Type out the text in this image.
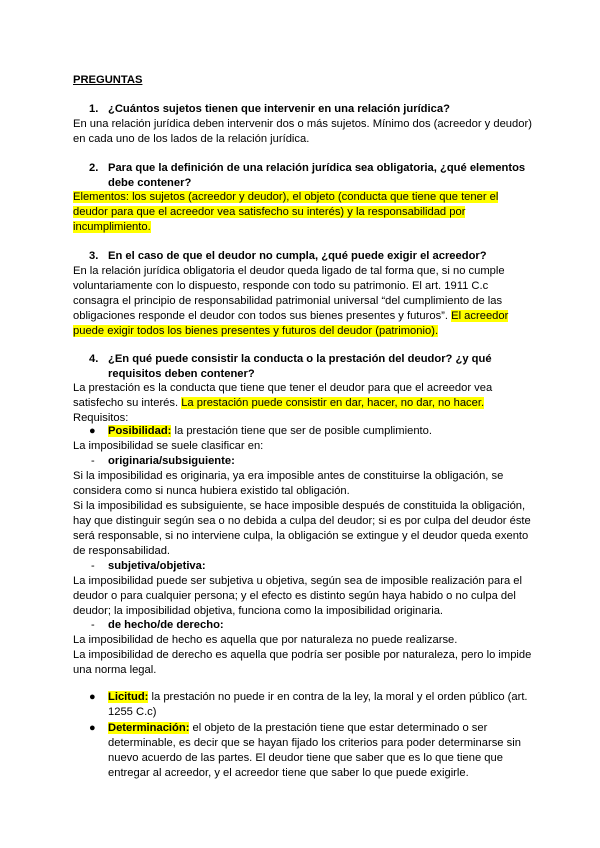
PREGUNTAS
1. ¿Cuántos sujetos tienen que intervenir en una relación jurídica?
En una relación jurídica deben intervenir dos o más sujetos. Mínimo dos (acreedor y deudor)
en cada uno de los lados de la relación jurídica.
2. Para que la definición de una relación jurídica sea obligatoria, ¿qué elementos
debe contener?
Elementos: los sujetos (acreedor y deudor), el objeto (conducta que tiene que tener el
deudor para que el acreedor vea satisfecho su interés) y la responsabilidad por
incumplimiento.
3. En el caso de que el deudor no cumpla, ¿qué puede exigir el acreedor?
En la relación jurídica obligatoria el deudor queda ligado de tal forma que, si no cumple
voluntariamente con lo dispuesto, responde con todo su patrimonio. El art. 1911 C.c
consagra el principio de responsabilidad patrimonial universal “del cumplimiento de las
obligaciones responde el deudor con todos sus bienes presentes y futuros”. El acreedor
puede exigir todos los bienes presentes y futuros del deudor (patrimonio).
4. ¿En qué puede consistir la conducta o la prestación del deudor? ¿y qué
requisitos deben contener?
La prestación es la conducta que tiene que tener el deudor para que el acreedor vea
satisfecho su interés. La prestación puede consistir en dar, hacer, no dar, no hacer.
Requisitos:
● Posibilidad: la prestación tiene que ser de posible cumplimiento.
La imposibilidad se suele clasificar en:
- originaria/subsiguiente:
Si la imposibilidad es originaria, ya era imposible antes de constituirse la obligación, se
considera como si nunca hubiera existido tal obligación.
Si la imposibilidad es subsiguiente, se hace imposible después de constituida la obligación,
hay que distinguir según sea o no debida a culpa del deudor; si es por culpa del deudor éste
será responsable, si no interviene culpa, la obligación se extingue y el deudor queda exento
de responsabilidad.
- subjetiva/objetiva:
La imposibilidad puede ser subjetiva u objetiva, según sea de imposible realización para el
deudor o para cualquier persona; y el efecto es distinto según haya habido o no culpa del
deudor; la imposibilidad objetiva, funciona como la imposibilidad originaria.
- de hecho/de derecho:
La imposibilidad de hecho es aquella que por naturaleza no puede realizarse.
La imposibilidad de derecho es aquella que podría ser posible por naturaleza, pero lo impide
una norma legal.
● Licitud: la prestación no puede ir en contra de la ley, la moral y el orden público (art.
1255 C.c)
● Determinación: el objeto de la prestación tiene que estar determinado o ser
determinable, es decir que se hayan fijado los criterios para poder determinarse sin
nuevo acuerdo de las partes. El deudor tiene que saber que es lo que tiene que
entregar al acreedor, y el acreedor tiene que saber lo que puede exigirle.
